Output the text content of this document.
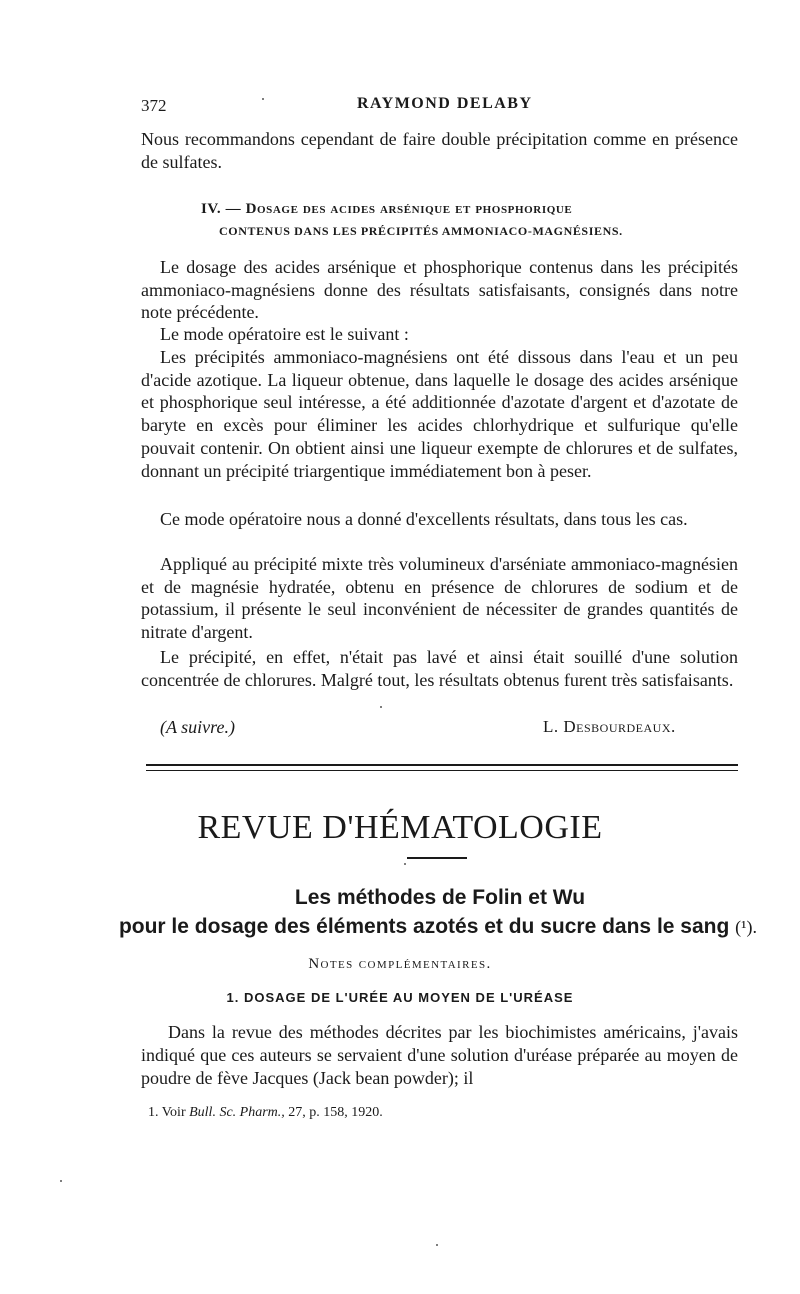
372	RAYMOND DELABY
Nous recommandons cependant de faire double précipitation comme en présence de sulfates.
IV. — Dosage des acides arsénique et phosphorique
CONTENUS DANS LES PRÉCIPITÉS AMMONIACO-MAGNÉSIENS.
Le dosage des acides arsénique et phosphorique contenus dans les précipités ammoniaco-magnésiens donne des résultats satisfaisants, consignés dans notre note précédente.
Le mode opératoire est le suivant :
Les précipités ammoniaco-magnésiens ont été dissous dans l'eau et un peu d'acide azotique. La liqueur obtenue, dans laquelle le dosage des acides arsénique et phosphorique seul intéresse, a été additionnée d'azotate d'argent et d'azotate de baryte en excès pour éliminer les acides chlorhydrique et sulfurique qu'elle pouvait contenir. On obtient ainsi une liqueur exempte de chlorures et de sulfates, donnant un précipité triargentique immédiatement bon à peser.
Ce mode opératoire nous a donné d'excellents résultats, dans tous les cas.
Appliqué au précipité mixte très volumineux d'arséniate ammoniaco-magnésien et de magnésie hydratée, obtenu en présence de chlorures de sodium et de potassium, il présente le seul inconvénient de nécessiter de grandes quantités de nitrate d'argent.
Le précipité, en effet, n'était pas lavé et ainsi était souillé d'une solution concentrée de chlorures. Malgré tout, les résultats obtenus furent très satisfaisants.
(A suivre.)	L. Desbourdeaux.
REVUE D'HÉMATOLOGIE
Les méthodes de Folin et Wu
pour le dosage des éléments azotés et du sucre dans le sang (¹).
Notes complémentaires.
1. DOSAGE DE L'URÉE AU MOYEN DE L'URÉASE
Dans la revue des méthodes décrites par les biochimistes américains, j'avais indiqué que ces auteurs se servaient d'une solution d'uréase préparée au moyen de poudre de fève Jacques (Jack bean powder); il
1. Voir Bull. Sc. Pharm., 27, p. 158, 1920.
